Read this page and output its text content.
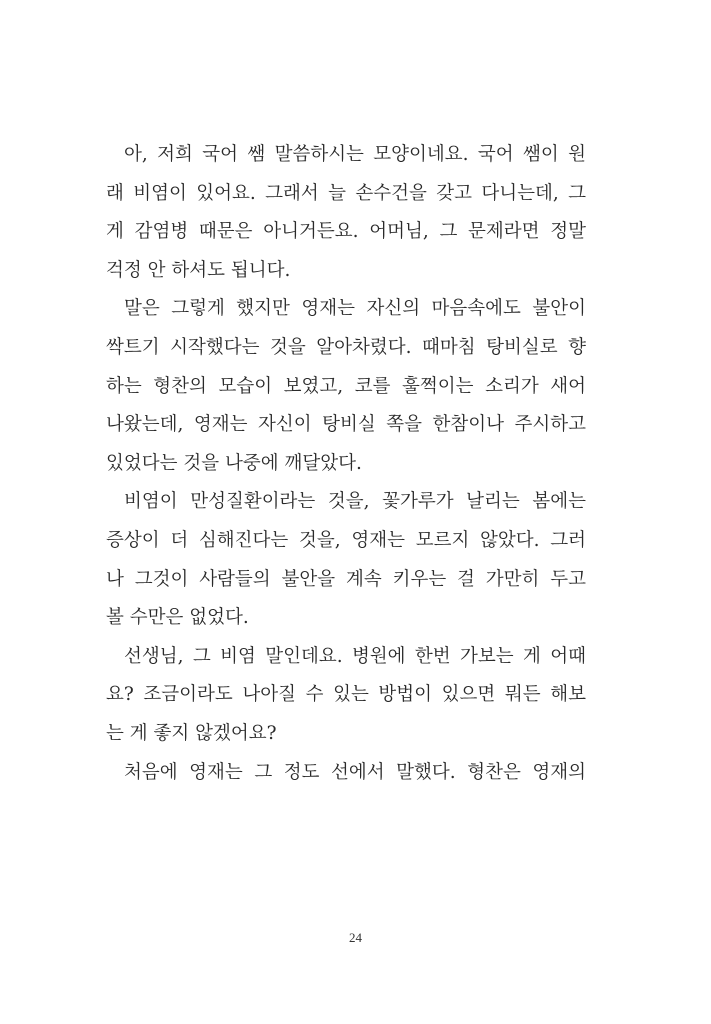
아, 저희 국어 쌤 말씀하시는 모양이네요. 국어 쌤이 원
래 비염이 있어요. 그래서 늘 손수건을 갖고 다니는데, 그
게 감염병 때문은 아니거든요. 어머님, 그 문제라면 정말
걱정 안 하셔도 됩니다.
말은 그렇게 했지만 영재는 자신의 마음속에도 불안이
싹트기 시작했다는 것을 알아차렸다. 때마침 탕비실로 향
하는 형찬의 모습이 보였고, 코를 훌쩍이는 소리가 새어
나왔는데, 영재는 자신이 탕비실 쪽을 한참이나 주시하고
있었다는 것을 나중에 깨달았다.
비염이 만성질환이라는 것을, 꽃가루가 날리는 봄에는
증상이 더 심해진다는 것을, 영재는 모르지 않았다. 그러
나 그것이 사람들의 불안을 계속 키우는 걸 가만히 두고
볼 수만은 없었다.
선생님, 그 비염 말인데요. 병원에 한번 가보는 게 어때
요? 조금이라도 나아질 수 있는 방법이 있으면 뭐든 해보
는 게 좋지 않겠어요?
처음에 영재는 그 정도 선에서 말했다. 형찬은 영재의
24
